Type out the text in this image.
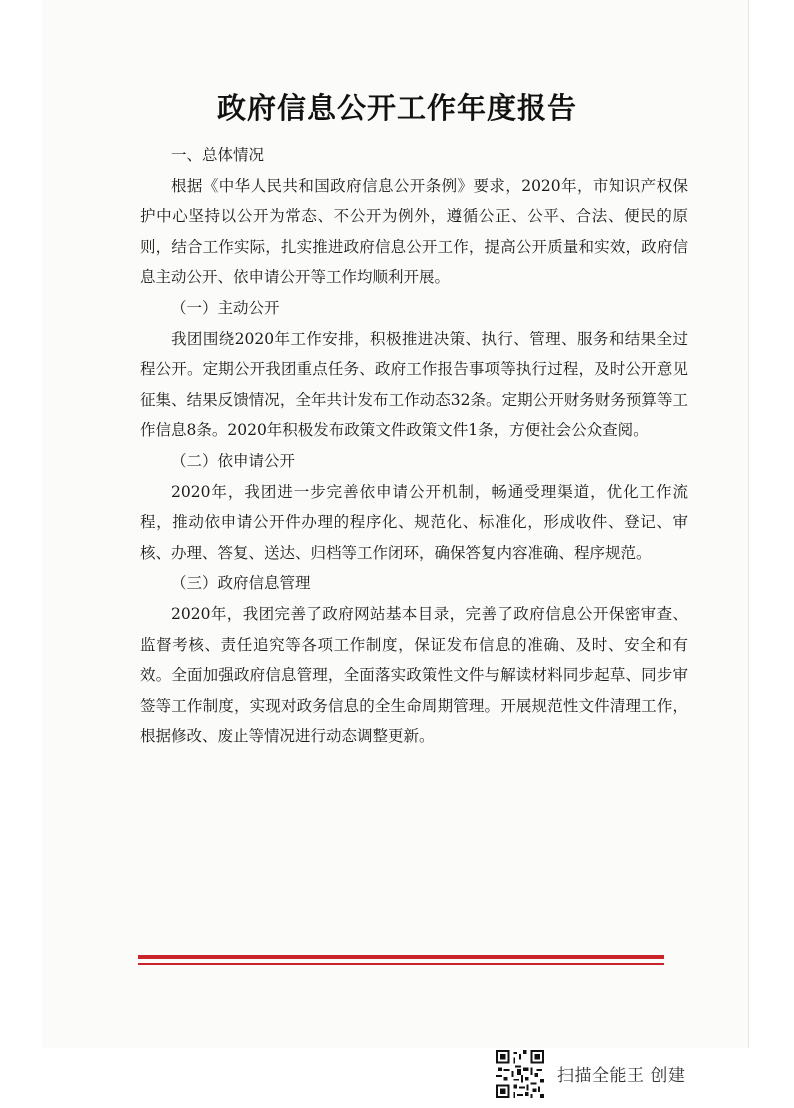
政府信息公开工作年度报告
一、总体情况

根据《中华人民共和国政府信息公开条例》要求，2020年，市知识产权保护中心坚持以公开为常态、不公开为例外，遵循公正、公平、合法、便民的原则，结合工作实际，扎实推进政府信息公开工作，提高公开质量和实效，政府信息主动公开、依申请公开等工作均顺利开展。

（一）主动公开

我团围绕2020年工作安排，积极推进决策、执行、管理、服务和结果全过程公开。定期公开我团重点任务、政府工作报告事项等执行过程，及时公开意见征集、结果反馈情况，全年共计发布工作动态32条。定期公开财务财务预算等工作信息8条。2020年积极发布政策文件政策文件1条，方便社会公众查阅。

（二）依申请公开

2020年，我团进一步完善依申请公开机制，畅通受理渠道，优化工作流程，推动依申请公开件办理的程序化、规范化、标准化，形成收件、登记、审核、办理、答复、送达、归档等工作闭环，确保答复内容准确、程序规范。

（三）政府信息管理

2020年，我团完善了政府网站基本目录，完善了政府信息公开保密审查、监督考核、责任追究等各项工作制度，保证发布信息的准确、及时、安全和有效。全面加强政府信息管理，全面落实政策性文件与解读材料同步起草、同步审签等工作制度，实现对政务信息的全生命周期管理。开展规范性文件清理工作，根据修改、废止等情况进行动态调整更新。

扫描全能王 创建
